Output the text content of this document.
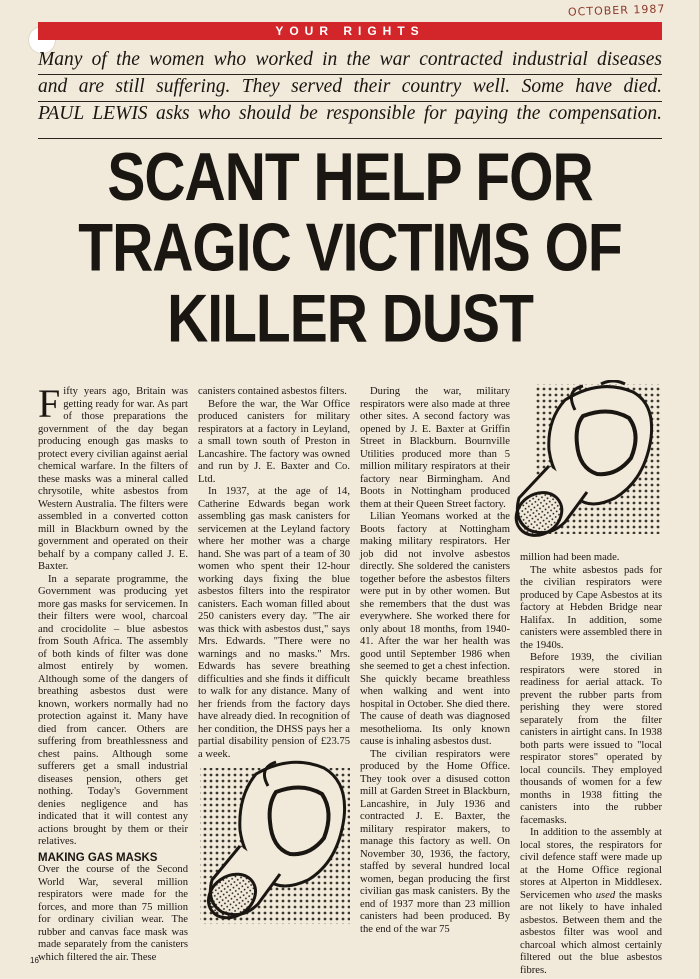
OCTOBER 1987
YOUR RIGHTS
Many of the women who worked in the war contracted industrial diseases
and are still suffering. They served their country well. Some have died.
PAUL LEWIS asks who should be responsible for paying the compensation.
SCANT HELP FOR
TRAGIC VICTIMS OF
KILLER DUST

Fifty years ago, Britain was getting ready for war. As part of those preparations the government of the day began producing enough gas masks to protect every civilian against aerial chemical warfare. In the filters of these masks was a mineral called chrysotile, white asbestos from Western Australia. The filters were assembled in a converted cotton mill in Blackburn owned by the government and operated on their behalf by a company called J. E. Baxter.

In a separate programme, the Government was producing yet more gas masks for servicemen. In their filters were wool, charcoal and crocidolite – blue asbestos from South Africa. The assembly of both kinds of filter was done almost entirely by women. Although some of the dangers of breathing asbestos dust were known, workers normally had no protection against it. Many have died from cancer. Others are suffering from breathlessness and chest pains. Although some sufferers get a small industrial diseases pension, others get nothing. Today's Government denies negligence and has indicated that it will contest any actions brought by them or their relatives.

MAKING GAS MASKS

Over the course of the Second World War, several million respirators were made for the forces, and more than 75 million for ordinary civilian wear. The rubber and canvas face mask was made separately from the canisters which filtered the air. These

canisters contained asbestos filters.

Before the war, the War Office produced canisters for military respirators at a factory in Leyland, a small town south of Preston in Lancashire. The factory was owned and run by J. E. Baxter and Co. Ltd.

In 1937, at the age of 14, Catherine Edwards began work assembling gas mask canisters for servicemen at the Leyland factory where her mother was a charge hand. She was part of a team of 30 women who spent their 12-hour working days fixing the blue asbestos filters into the respirator canisters. Each woman filled about 250 canisters every day. "The air was thick with asbestos dust," says Mrs. Edwards. "There were no warnings and no masks." Mrs. Edwards has severe breathing difficulties and she finds it difficult to walk for any distance. Many of her friends from the factory days have already died. In recognition of her condition, the DHSS pays her a partial disability pension of £23.75 a week.

During the war, military respirators were also made at three other sites. A second factory was opened by J. E. Baxter at Griffin Street in Blackburn. Bournville Utilities produced more than 5 million military respirators at their factory near Birmingham. And Boots in Nottingham produced them at their Queen Street factory.

Lilian Yeomans worked at the Boots factory at Nottingham making military respirators. Her job did not involve asbestos directly. She soldered the canisters together before the asbestos filters were put in by other women. But she remembers that the dust was everywhere. She worked there for only about 18 months, from 1940-41. After the war her health was good until September 1986 when she seemed to get a chest infection. She quickly became breathless when walking and went into hospital in October. She died there. The cause of death was diagnosed mesothelioma. Its only known cause is inhaling asbestos dust.

The civilian respirators were produced by the Home Office. They took over a disused cotton mill at Garden Street in Blackburn, Lancashire, in July 1936 and contracted J. E. Baxter, the military respirator makers, to manage this factory as well. On November 30, 1936, the factory, staffed by several hundred local women, began producing the first civilian gas mask canisters. By the end of 1937 more than 23 million canisters had been produced. By the end of the war 75

million had been made.

The white asbestos pads for the civilian respirators were produced by Cape Asbestos at its factory at Hebden Bridge near Halifax. In addition, some canisters were assembled there in the 1940s.

Before 1939, the civilian respirators were stored in readiness for aerial attack. To prevent the rubber parts from perishing they were stored separately from the filter canisters in airtight cans. In 1938 both parts were issued to "local respirator stores" operated by local councils. They employed thousands of women for a few months in 1938 fitting the canisters into the rubber facemasks.

In addition to the assembly at local stores, the respirators for civil defence staff were made up at the Home Office regional stores at Alperton in Middlesex. Servicemen who used the masks are not likely to have inhaled asbestos. Between them and the asbestos filter was wool and charcoal which almost certainly filtered out the blue asbestos fibres.

16
